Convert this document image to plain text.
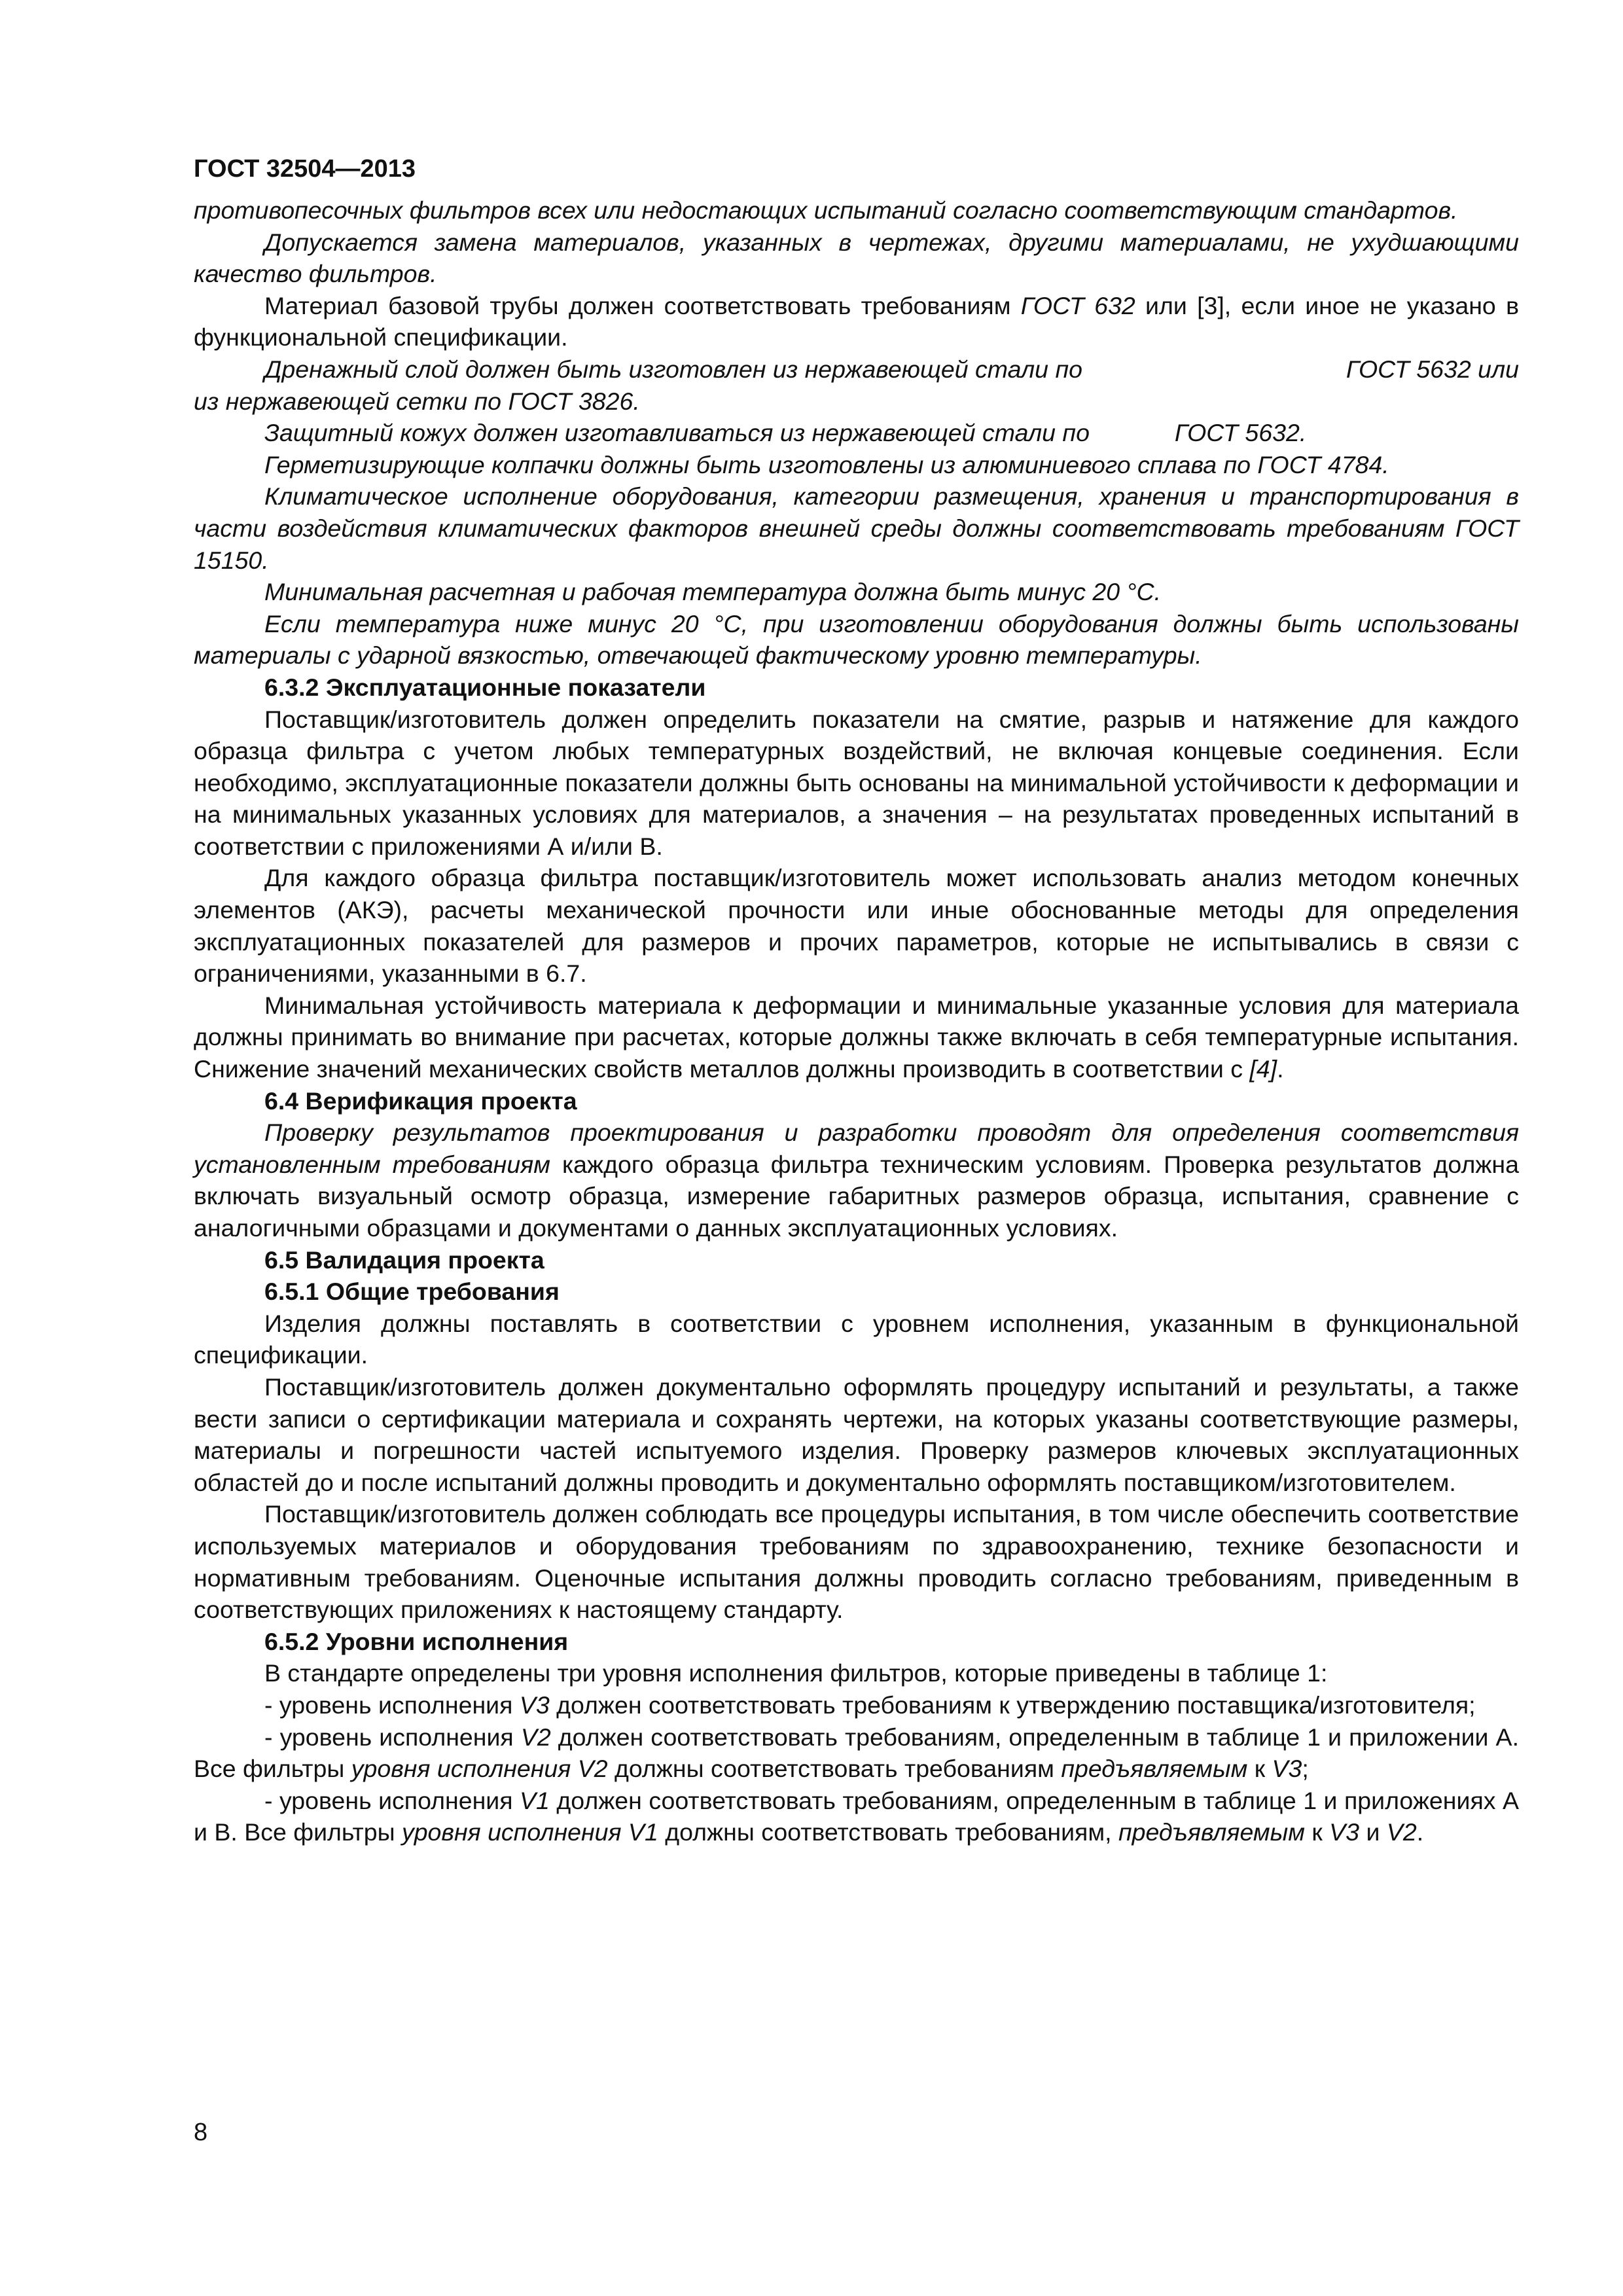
ГОСТ 32504—2013

противопесочных фильтров всех или недостающих испытаний согласно соответствующим стандартов.

Допускается замена материалов, указанных в чертежах, другими материалами, не ухудшающими качество фильтров.

Материал базовой трубы должен соответствовать требованиям ГОСТ 632 или [3], если иное не указано в функциональной спецификации.

Дренажный слой должен быть изготовлен из нержавеющей стали по	ГОСТ 5632 или

из нержавеющей сетки по ГОСТ 3826.

Защитный кожух должен изготавливаться из нержавеющей стали по	ГОСТ 5632.

Герметизирующие колпачки должны быть изготовлены из алюминиевого сплава по ГОСТ 4784.

Климатическое исполнение оборудования, категории размещения, хранения и транспортирования в части воздействия климатических факторов внешней среды должны соответствовать требованиям ГОСТ 15150.

Минимальная расчетная и рабочая температура должна быть минус 20 °С.

Если температура ниже минус 20 °С, при изготовлении оборудования должны быть использованы материалы с ударной вязкостью, отвечающей фактическому уровню температуры.

6.3.2 Эксплуатационные показатели

Поставщик/изготовитель должен определить показатели на смятие, разрыв и натяжение для каждого образца фильтра с учетом любых температурных воздействий, не включая концевые соединения. Если необходимо, эксплуатационные показатели должны быть основаны на минимальной устойчивости к деформации и на минимальных указанных условиях для материалов, а значения – на результатах проведенных испытаний в соответствии с приложениями А и/или В.

Для каждого образца фильтра поставщик/изготовитель может использовать анализ методом конечных элементов (АКЭ), расчеты механической прочности или иные обоснованные методы для определения эксплуатационных показателей для размеров и прочих параметров, которые не испытывались в связи с ограничениями, указанными в 6.7.

Минимальная устойчивость материала к деформации и минимальные указанные условия для материала должны принимать во внимание при расчетах, которые должны также включать в себя температурные испытания. Снижение значений механических свойств металлов должны производить в соответствии с [4].

6.4 Верификация проекта

Проверку результатов проектирования и разработки проводят для определения соответствия установленным требованиям каждого образца фильтра техническим условиям. Проверка результатов должна включать визуальный осмотр образца, измерение габаритных размеров образца, испытания, сравнение с аналогичными образцами и документами о данных эксплуатационных условиях.

6.5 Валидация проекта

6.5.1 Общие требования

Изделия должны поставлять в соответствии с уровнем исполнения, указанным в функциональной спецификации.

Поставщик/изготовитель должен документально оформлять процедуру испытаний и результаты, а также вести записи о сертификации материала и сохранять чертежи, на которых указаны соответствующие размеры, материалы и погрешности частей испытуемого изделия. Проверку размеров ключевых эксплуатационных областей до и после испытаний должны проводить и документально оформлять поставщиком/изготовителем.

Поставщик/изготовитель должен соблюдать все процедуры испытания, в том числе обеспечить соответствие используемых материалов и оборудования требованиям по здравоохранению, технике безопасности и нормативным требованиям. Оценочные испытания должны проводить согласно требованиям, приведенным в соответствующих приложениях к настоящему стандарту.

6.5.2 Уровни исполнения

В стандарте определены три уровня исполнения фильтров, которые приведены в таблице 1:

- уровень исполнения V3 должен соответствовать требованиям к утверждению поставщика/изготовителя;

- уровень исполнения V2 должен соответствовать требованиям, определенным в таблице 1 и приложении А. Все фильтры уровня исполнения V2 должны соответствовать требованиям предъявляемым к V3;

- уровень исполнения V1 должен соответствовать требованиям, определенным в таблице 1 и приложениях А и В. Все фильтры уровня исполнения V1 должны соответствовать требованиям, предъявляемым к V3 и V2.

8
